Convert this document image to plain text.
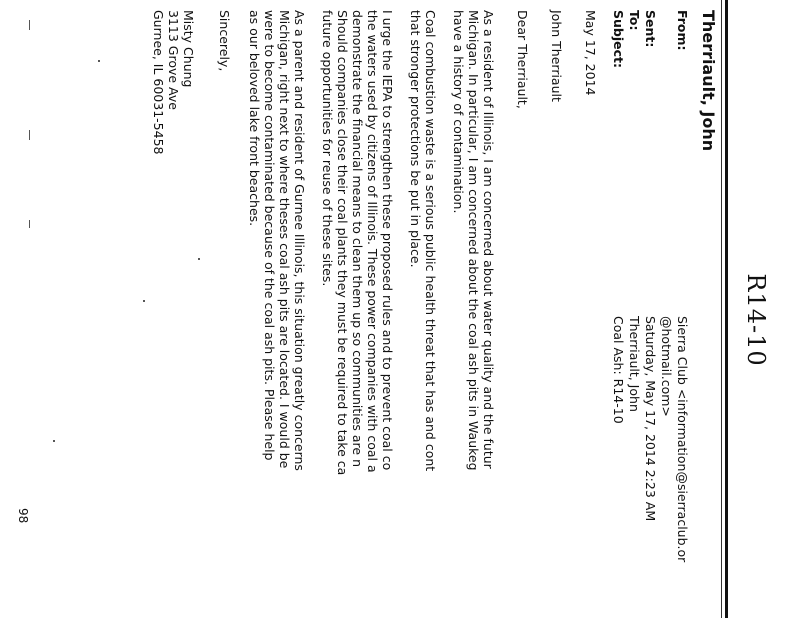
R14-10
Therriault, John
From:
Sierra Club <information@sierraclub.or
@hotmail.com>
Sent:
Saturday, May 17, 2014 2:23 AM
To:
Therriault, John
Subject:
Coal Ash: R14-10
May 17, 2014
John Therriault
Dear Therriault,
As a resident of Illinois, I am concerned about water quality and the futur
Michigan. In particular, I am concerned about the coal ash pits in Waukeg
have a history of contamination.
Coal combustion waste is a serious public health threat that has and cont
that stronger protections be put in place.
I urge the IEPA to strengthen these proposed rules and to prevent coal co
the waters used by citizens of Illinois. These power companies with coal a
demonstrate the financial means to clean them up so communities are n
Should companies close their coal plants they must be required to take ca
future opportunities for reuse of these sites.
As a parent and resident of Gurnee Illinois, this situation greatly concerns
Michigan, right next to where theses coal ash pits are located. I would be
were to become contaminated because of the coal ash pits. Please help
as our beloved lake front beaches.
Sincerely,
Misty Chung
3113 Grove Ave
Gurnee, IL 60031-5458
98
